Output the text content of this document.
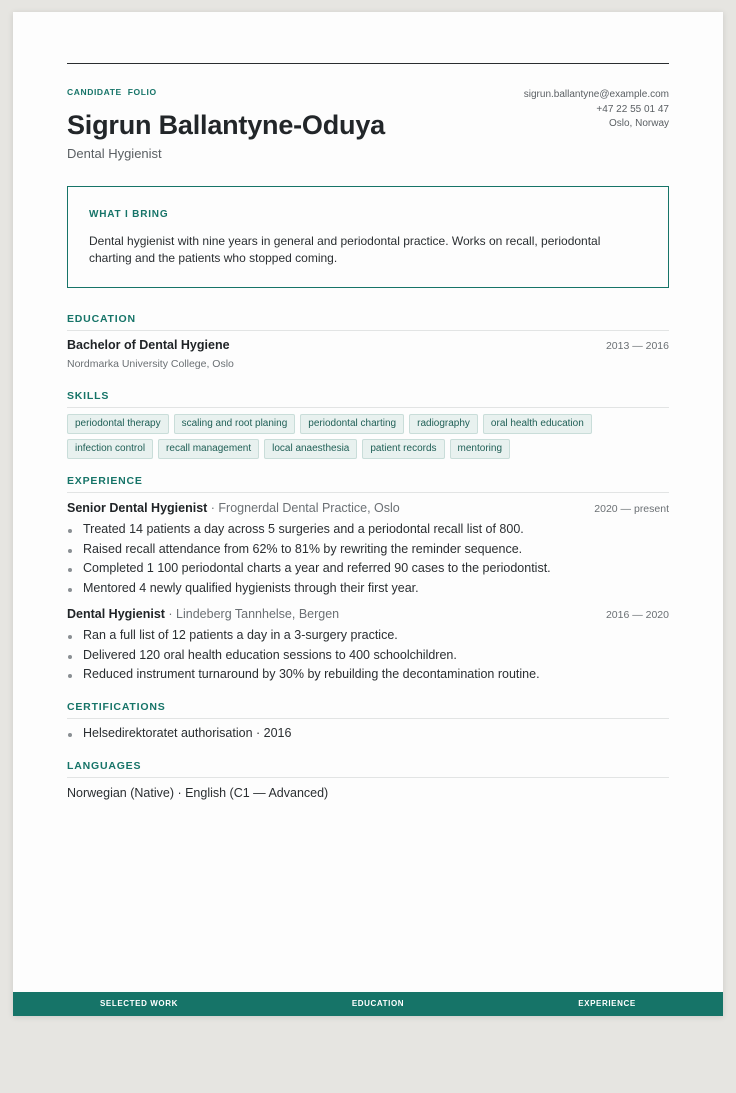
CANDIDATE  FOLIO
Sigrun Ballantyne-Oduya
Dental Hygienist
sigrun.ballantyne@example.com
+47 22 55 01 47
Oslo, Norway
WHAT I BRING
Dental hygienist with nine years in general and periodontal practice. Works on recall, periodontal charting and the patients who stopped coming.
EDUCATION
Bachelor of Dental Hygiene	2013 — 2016
Nordmarka University College, Oslo
SKILLS
periodontal therapy	scaling and root planing	periodontal charting	radiography	oral health education
infection control	recall management	local anaesthesia	patient records	mentoring
EXPERIENCE
Senior Dental Hygienist · Frognerdal Dental Practice, Oslo	2020 — present
Treated 14 patients a day across 5 surgeries and a periodontal recall list of 800.
Raised recall attendance from 62% to 81% by rewriting the reminder sequence.
Completed 1 100 periodontal charts a year and referred 90 cases to the periodontist.
Mentored 4 newly qualified hygienists through their first year.
Dental Hygienist · Lindeberg Tannhelse, Bergen	2016 — 2020
Ran a full list of 12 patients a day in a 3-surgery practice.
Delivered 120 oral health education sessions to 400 schoolchildren.
Reduced instrument turnaround by 30% by rebuilding the decontamination routine.
CERTIFICATIONS
Helsedirektoratet authorisation · 2016
LANGUAGES
Norwegian (Native) · English (C1 — Advanced)
SELECTED WORK	EDUCATION	EXPERIENCE
